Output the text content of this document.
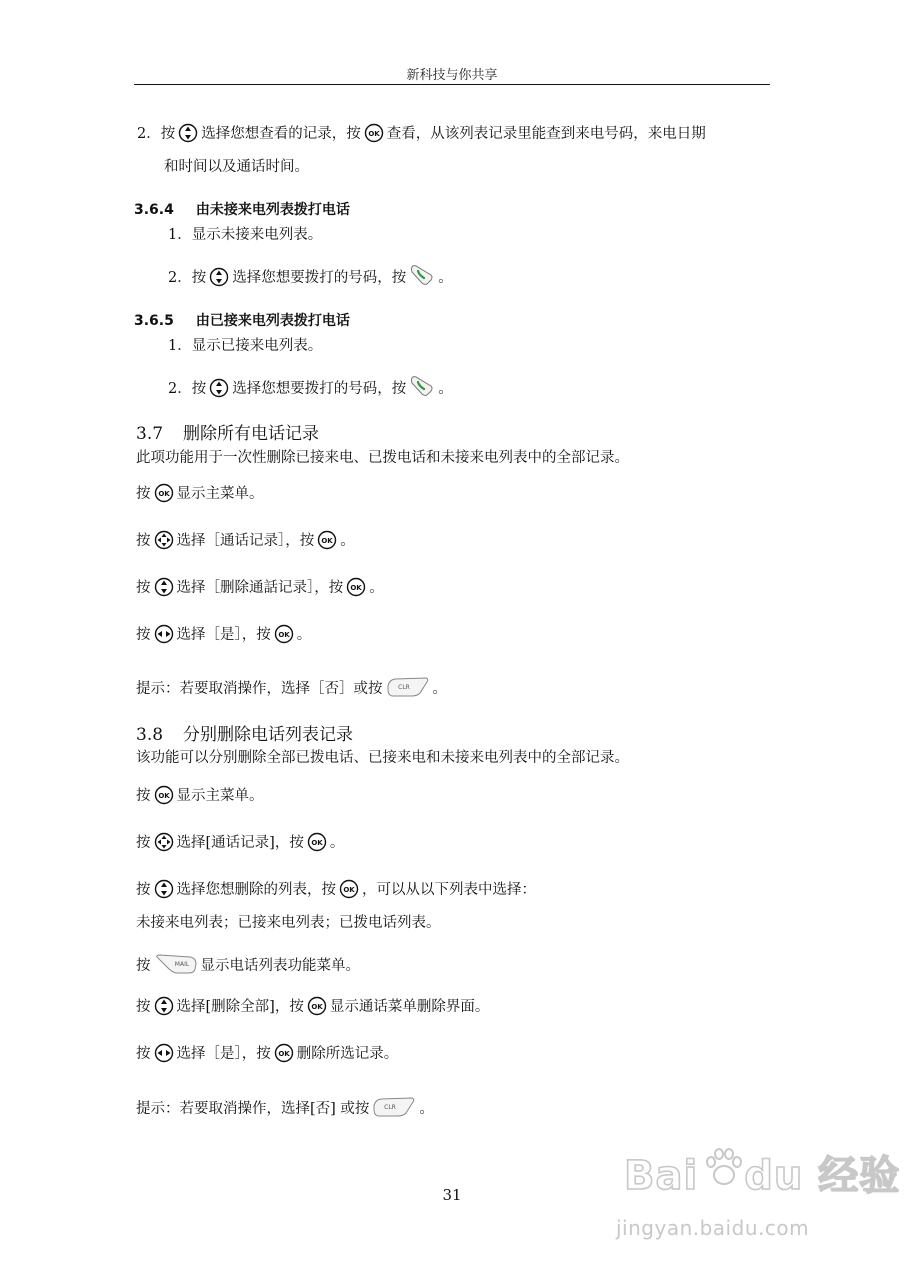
新科技与你共享
2．按 选择您想查看的记录，按 OK 查看，从该列表记录里能查到来电号码，来电日期
和时间以及通话时间。
3.6.4 由未接来电列表拨打电话
1．显示未接来电列表。
2．按 选择您想要拨打的号码，按 。
3.6.5 由已接来电列表拨打电话
1．显示已接来电列表。
2．按 选择您想要拨打的号码，按 。
3.7 删除所有电话记录
此项功能用于一次性删除已接来电、已拨电话和未接来电列表中的全部记录。
按 OK 显示主菜单。
按 选择［通话记录］，按 OK 。
按 选择［删除通話记录］，按 OK 。
按 选择［是］，按 OK 。
提示：若要取消操作，选择［否］或按	CLR 。
3.8 分别删除电话列表记录
该功能可以分别删除全部已拨电话、已接来电和未接来电列表中的全部记录。
按 OK 显示主菜单。
按 选择[通话记录]，按 OK 。
按 选择您想删除的列表，按 OK ，可以从以下列表中选择：
未接来电列表；已接来电列表；已拨电话列表。
按	MAIL 显示电话列表功能菜单。
按 选择[删除全部]，按 OK 显示通话菜单删除界面。
按 选择［是］，按 OK 删除所选记录。
提示：若要取消操作，选择[否] 或按	CLR 。
31	Bai du 经验
jingyan.baidu.com
